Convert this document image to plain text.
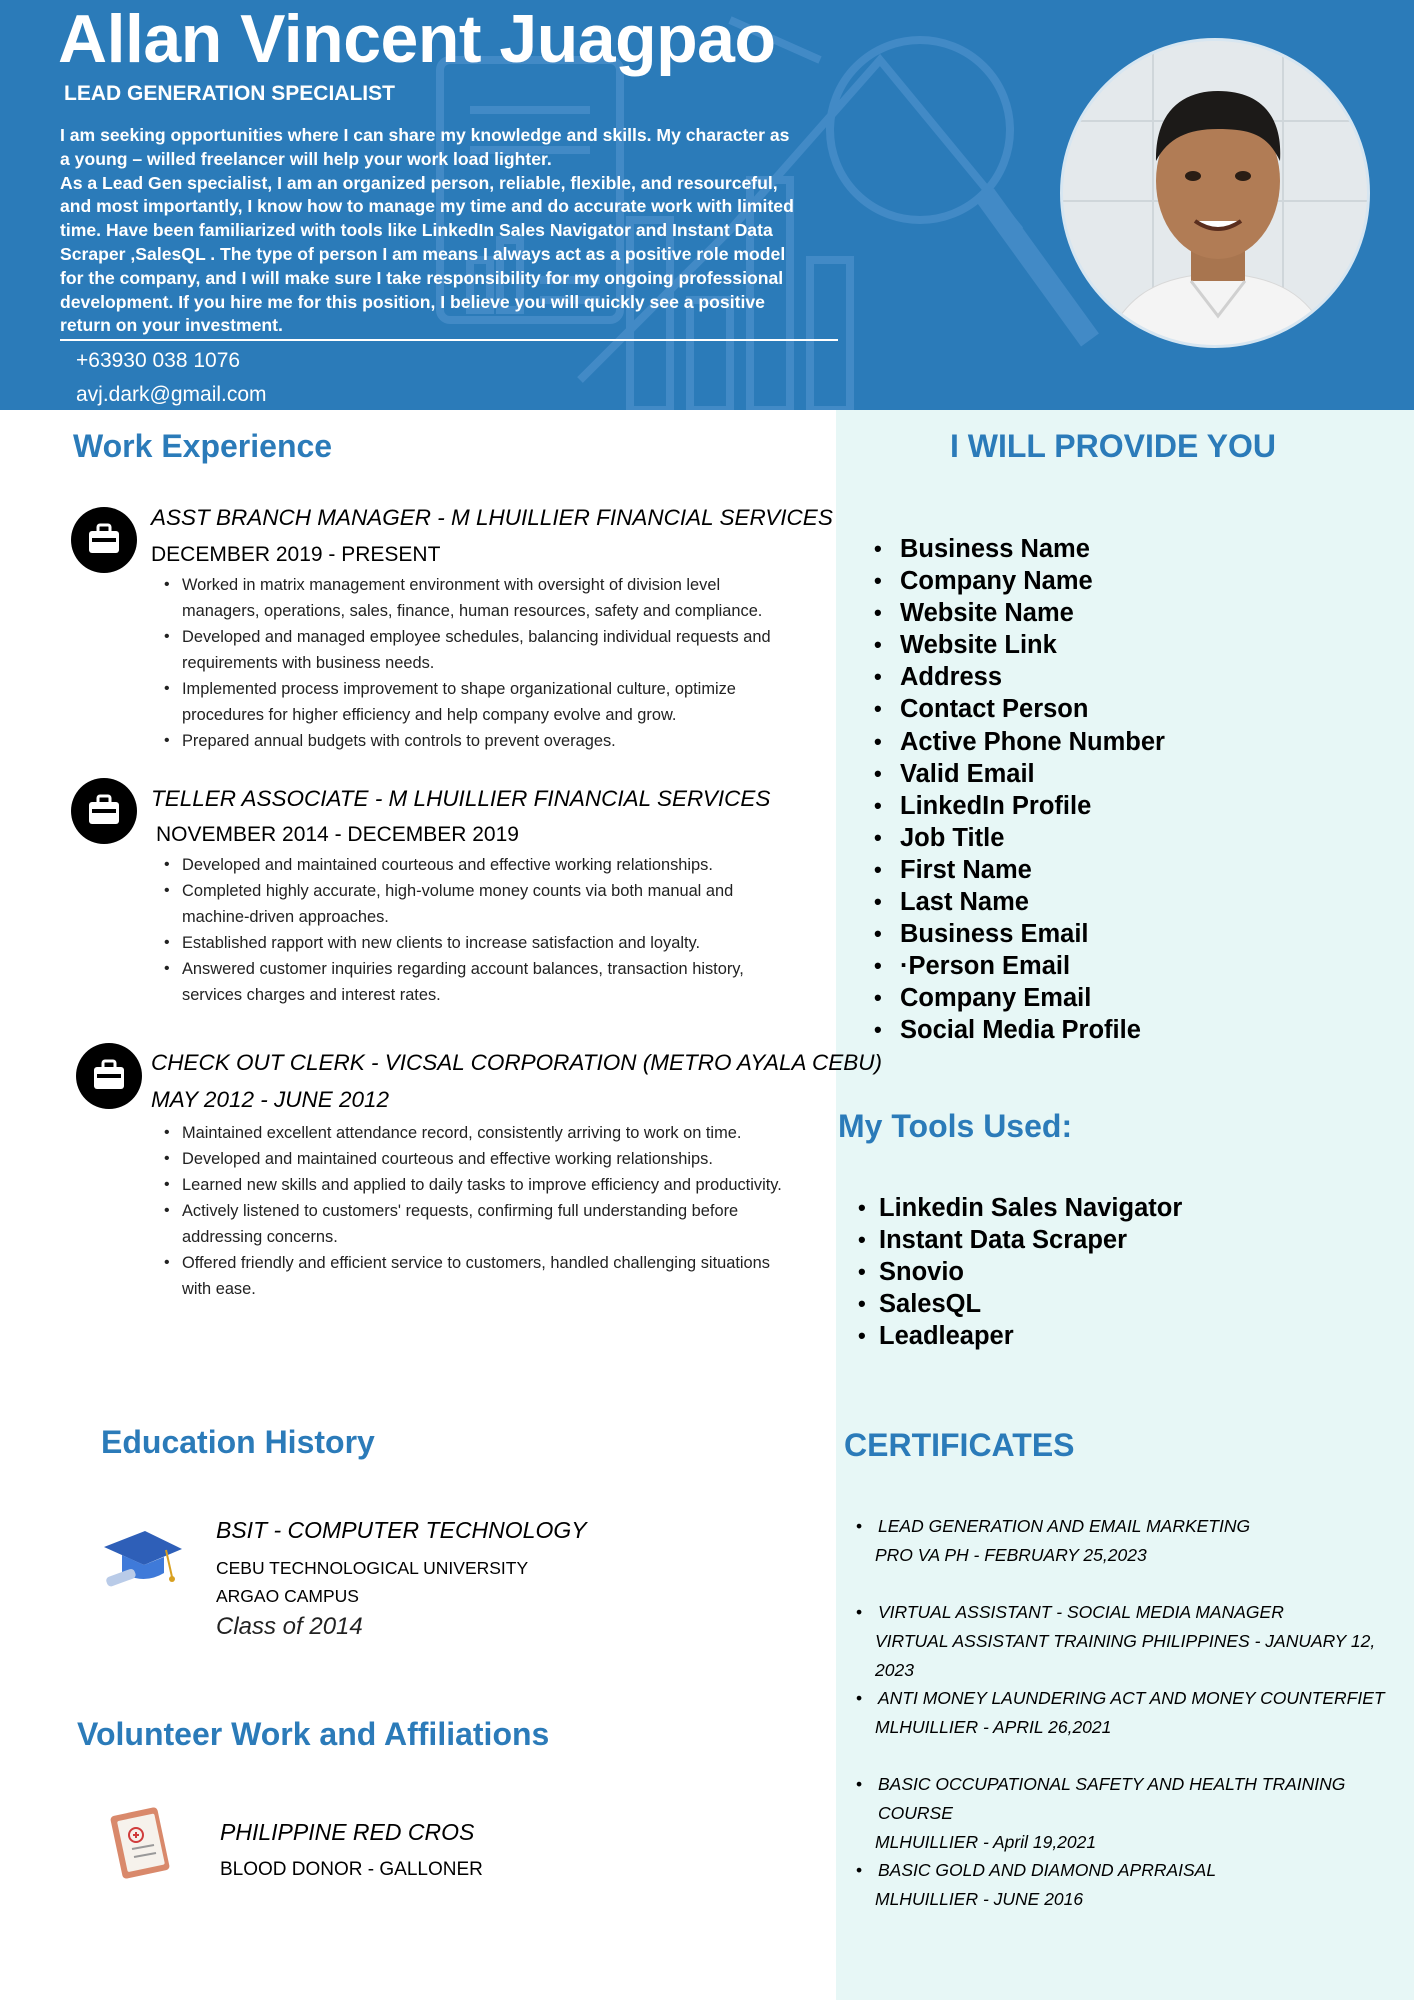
Allan Vincent Juagpao
LEAD GENERATION SPECIALIST

I am seeking opportunities where I can share my knowledge and skills. My character as

a young – willed freelancer will help your work load lighter.

As a Lead Gen specialist, I am an organized person, reliable, flexible, and resourceful,

and most importantly, I know how to manage my time and do accurate work with limited

time. Have been familiarized with tools like LinkedIn Sales Navigator and Instant Data

Scraper ,SalesQL . The type of person I am means I always act as a positive role model

for the company, and I will make sure I take responsibility for my ongoing professional

development. If you hire me for this position, I believe you will quickly see a positive

return on your investment.

+63930 038 1076
avj.dark@gmail.com
Work Experience
ASST BRANCH MANAGER - M LHUILLIER FINANCIAL SERVICES
DECEMBER 2019 - PRESENT
• Worked in matrix management environment with oversight of division level
managers, operations, sales, finance, human resources, safety and compliance.
• Developed and managed employee schedules, balancing individual requests and
requirements with business needs.
• Implemented process improvement to shape organizational culture, optimize
procedures for higher efficiency and help company evolve and grow.
• Prepared annual budgets with controls to prevent overages.
TELLER ASSOCIATE - M LHUILLIER FINANCIAL SERVICES
NOVEMBER 2014 - DECEMBER 2019
• Developed and maintained courteous and effective working relationships.
• Completed highly accurate, high-volume money counts via both manual and
machine-driven approaches.
• Established rapport with new clients to increase satisfaction and loyalty.
• Answered customer inquiries regarding account balances, transaction history,
services charges and interest rates.
CHECK OUT CLERK - VICSAL CORPORATION (METRO AYALA CEBU)
MAY 2012 - JUNE 2012
• Maintained excellent attendance record, consistently arriving to work on time.
• Developed and maintained courteous and effective working relationships.
• Learned new skills and applied to daily tasks to improve efficiency and productivity.
• Actively listened to customers' requests, confirming full understanding before
addressing concerns.
• Offered friendly and efficient service to customers, handled challenging situations
with ease.
I WILL PROVIDE YOU
• Business Name
• Company Name
• Website Name
• Website Link
• Address
• Contact Person
• Active Phone Number
• Valid Email
• LinkedIn Profile
• Job Title
• First Name
• Last Name
• Business Email
• ·Person Email
• Company Email
• Social Media Profile
My Tools Used:
• Linkedin Sales Navigator
• Instant Data Scraper
• Snovio
• SalesQL
• Leadleaper
CERTIFICATES
• LEAD GENERATION AND EMAIL MARKETING
PRO VA PH - FEBRUARY 25,2023
• VIRTUAL ASSISTANT - SOCIAL MEDIA MANAGER
VIRTUAL ASSISTANT TRAINING PHILIPPINES - JANUARY 12, 2023
• ANTI MONEY LAUNDERING ACT AND MONEY COUNTERFIET
MLHUILLIER - APRIL 26,2021
• BASIC OCCUPATIONAL SAFETY AND HEALTH TRAINING COURSE
MLHUILLIER - April 19,2021
• BASIC GOLD AND DIAMOND APRRAISAL
MLHUILLIER - JUNE 2016
Education History
BSIT - COMPUTER TECHNOLOGY
CEBU TECHNOLOGICAL UNIVERSITY
ARGAO CAMPUS
Class of 2014
Volunteer Work and Affiliations
PHILIPPINE RED CROS
BLOOD DONOR - GALLONER
